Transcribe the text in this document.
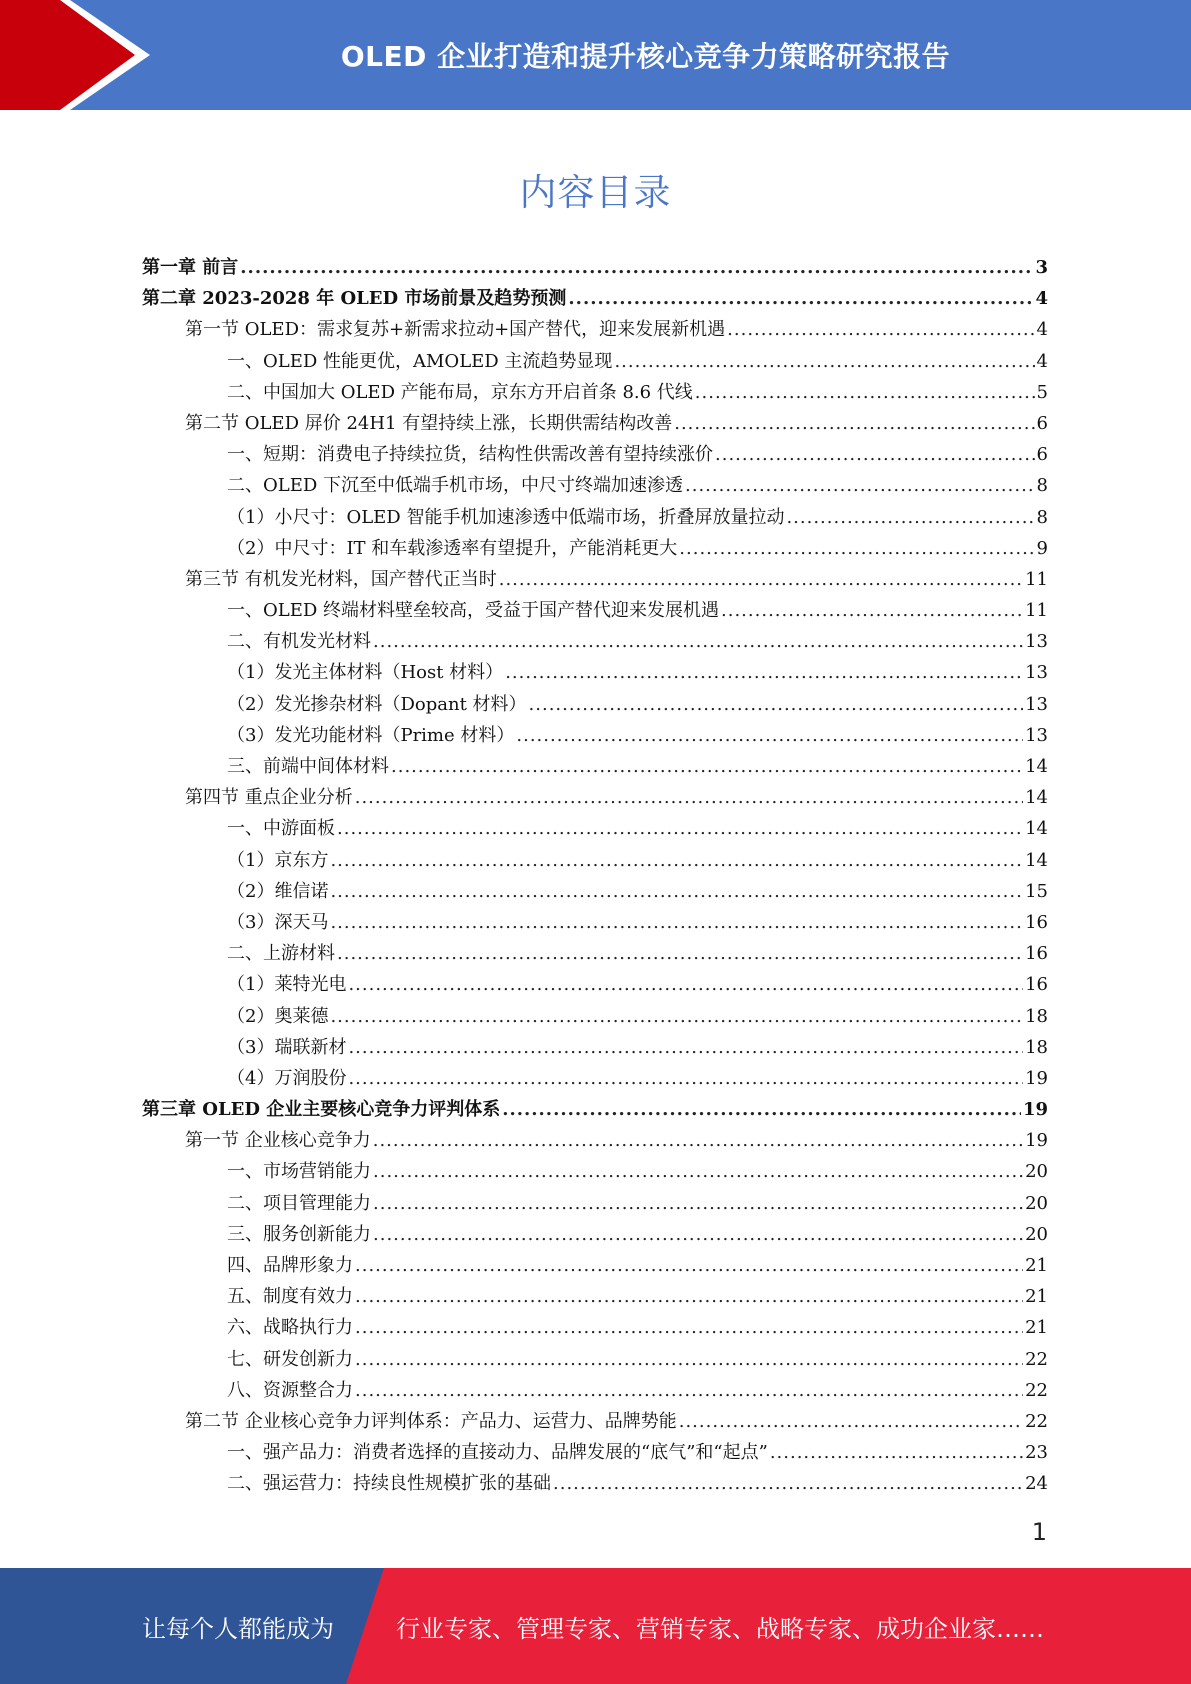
OLED 企业打造和提升核心竞争力策略研究报告
内容目录
第一章 前言 .....	3
第二章 2023-2028 年 OLED 市场前景及趋势预测 .....	4
第一节 OLED：需求复苏+新需求拉动+国产替代，迎来发展新机遇 .....	4
一、OLED 性能更优，AMOLED 主流趋势显现 .....	4
二、中国加大 OLED 产能布局，京东方开启首条 8.6 代线 .....	5
第二节 OLED 屏价 24H1 有望持续上涨，长期供需结构改善 .....	6
一、短期：消费电子持续拉货，结构性供需改善有望持续涨价 .....	6
二、OLED 下沉至中低端手机市场，中尺寸终端加速渗透 .....	8
（1）小尺寸：OLED 智能手机加速渗透中低端市场，折叠屏放量拉动 .....	8
（2）中尺寸：IT 和车载渗透率有望提升，产能消耗更大 .....	9
第三节 有机发光材料，国产替代正当时 .....	11
一、OLED 终端材料壁垒较高，受益于国产替代迎来发展机遇 .....	11
二、有机发光材料 .....	13
（1）发光主体材料（Host 材料） .....	13
（2）发光掺杂材料（Dopant 材料） .....	13
（3）发光功能材料（Prime 材料） .....	13
三、前端中间体材料 .....	14
第四节 重点企业分析 .....	14
一、中游面板 .....	14
（1）京东方 .....	14
（2）维信诺 .....	15
（3）深天马 .....	16
二、上游材料 .....	16
（1）莱特光电 .....	16
（2）奥莱德 .....	18
（3）瑞联新材 .....	18
（4）万润股份 .....	19
第三章 OLED 企业主要核心竞争力评判体系 .....	19
第一节 企业核心竞争力 .....	19
一、市场营销能力 .....	20
二、项目管理能力 .....	20
三、服务创新能力 .....	20
四、品牌形象力 .....	21
五、制度有效力 .....	21
六、战略执行力 .....	21
七、研发创新力 .....	22
八、资源整合力 .....	22
第二节 企业核心竞争力评判体系：产品力、运营力、品牌势能 .....	22
一、强产品力：消费者选择的直接动力、品牌发展的“底气”和“起点” .....	23
二、强运营力：持续良性规模扩张的基础 .....	24
1
让每个人都能成为	行业专家、管理专家、营销专家、战略专家、成功企业家……
